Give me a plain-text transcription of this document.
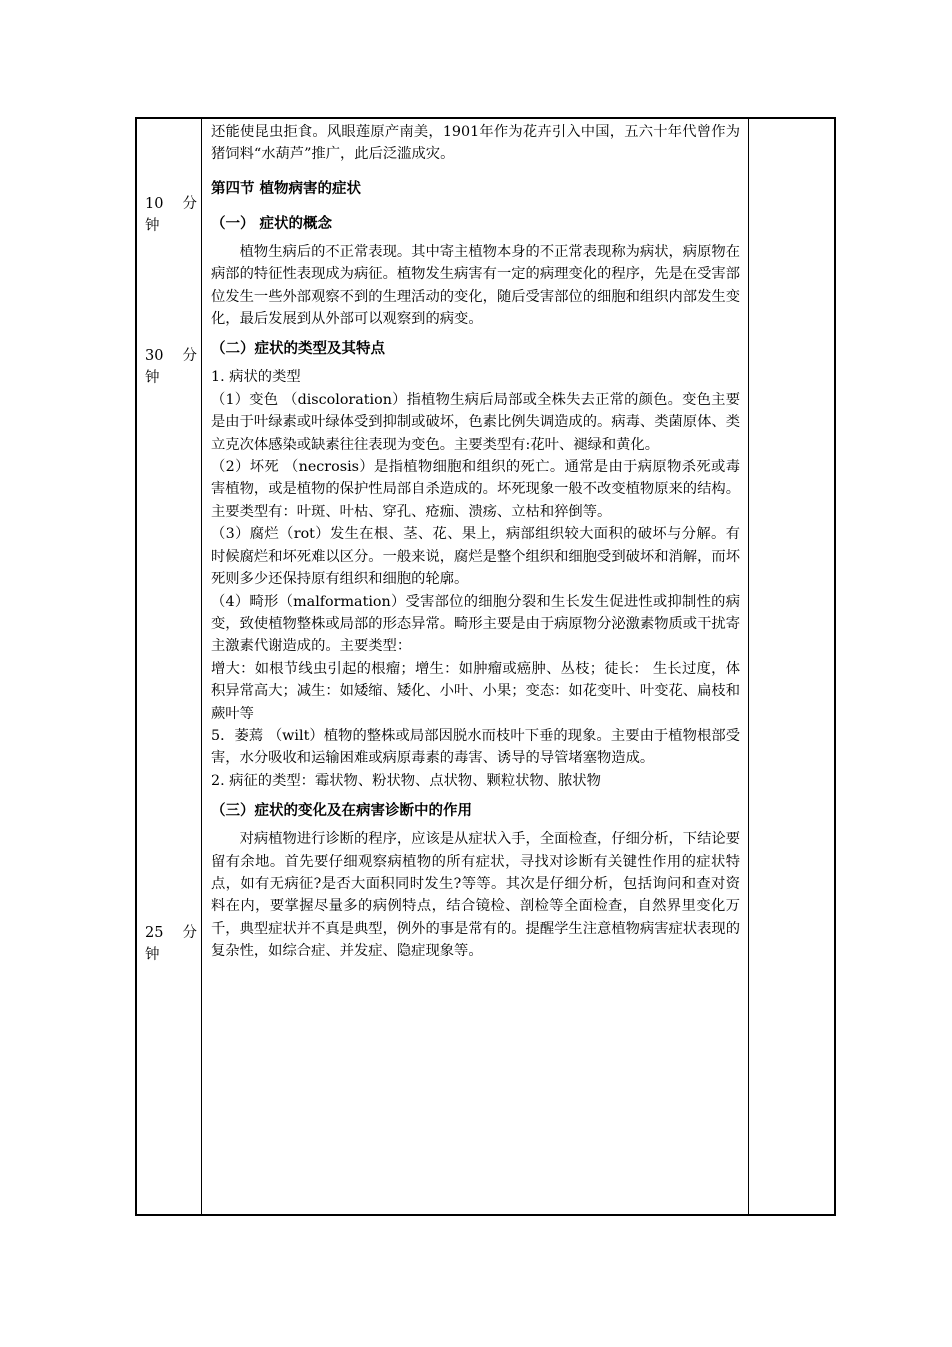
10 分
钟
30 分
钟
25 分
钟

还能使昆虫拒食。风眼莲原产南美，1901年作为花卉引入中国，五六十年代曾作为猪饲料“水葫芦”推广，此后泛滥成灾。

第四节 植物病害的症状
（一） 症状的概念

植物生病后的不正常表现。其中寄主植物本身的不正常表现称为病状，病原物在病部的特征性表现成为病征。植物发生病害有一定的病理变化的程序，先是在受害部位发生一些外部观察不到的生理活动的变化，随后受害部位的细胞和组织内部发生变化，最后发展到从外部可以观察到的病变。

（二）症状的类型及其特点

1. 病状的类型

（1）变色 （discoloration）指植物生病后局部或全株失去正常的颜色。变色主要是由于叶绿素或叶绿体受到抑制或破坏，色素比例失调造成的。病毒、类菌原体、类立克次体感染或缺素往往表现为变色。主要类型有:花叶、褪绿和黄化。

（2）坏死 （necrosis）是指植物细胞和组织的死亡。通常是由于病原物杀死或毒害植物，或是植物的保护性局部自杀造成的。坏死现象一般不改变植物原来的结构。主要类型有：叶斑、叶枯、穿孔、疮痂、溃疡、立枯和猝倒等。

（3）腐烂（rot）发生在根、茎、花、果上，病部组织较大面积的破坏与分解。有时候腐烂和坏死难以区分。一般来说，腐烂是整个组织和细胞受到破坏和消解，而坏死则多少还保持原有组织和细胞的轮廓。

（4）畸形（malformation）受害部位的细胞分裂和生长发生促进性或抑制性的病变，致使植物整株或局部的形态异常。畸形主要是由于病原物分泌激素物质或干扰寄主激素代谢造成的。主要类型：

增大：如根节线虫引起的根瘤；增生：如肿瘤或癌肿、丛枝；徒长： 生长过度，体积异常高大；减生：如矮缩、矮化、小叶、小果；变态：如花变叶、叶变花、扁枝和蕨叶等

5．萎蔫 （wilt）植物的整株或局部因脱水而枝叶下垂的现象。主要由于植物根部受害，水分吸收和运输困难或病原毒素的毒害、诱导的导管堵塞物造成。

2. 病征的类型：霉状物、粉状物、点状物、颗粒状物、脓状物

（三）症状的变化及在病害诊断中的作用

对病植物进行诊断的程序，应该是从症状入手，全面检查，仔细分析，下结论要留有余地。首先要仔细观察病植物的所有症状，寻找对诊断有关键性作用的症状特点，如有无病征?是否大面积同时发生?等等。其次是仔细分析，包括询问和查对资料在内，要掌握尽量多的病例特点，结合镜检、剖检等全面检查，自然界里变化万千，典型症状并不真是典型，例外的事是常有的。提醒学生注意植物病害症状表现的复杂性，如综合症、并发症、隐症现象等。
